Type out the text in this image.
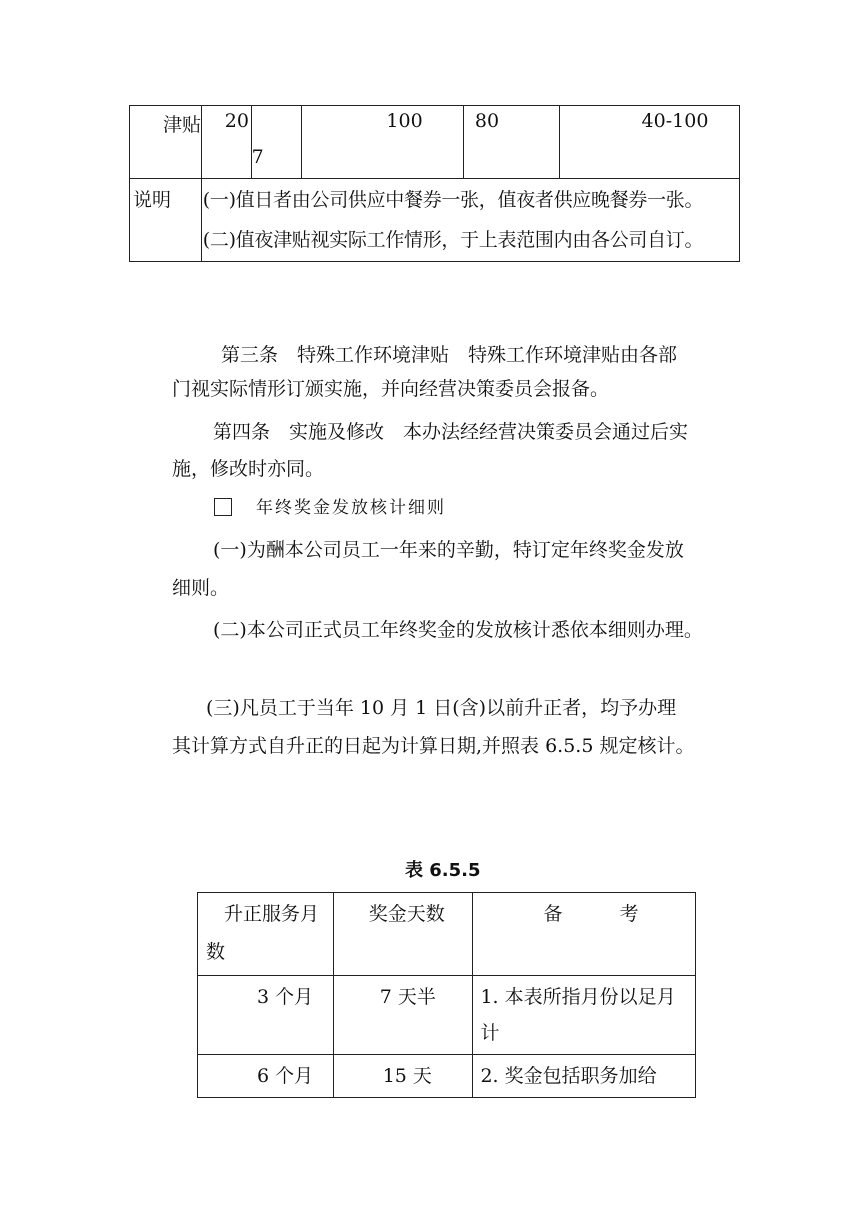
津贴	20	7	100	80	40-100

说明	(一)值日者由公司供应中餐券一张，值夜者供应晚餐券一张。
(二)值夜津贴视实际工作情形，于上表范围内由各公司自订。				
第三条　特殊工作环境津贴　特殊工作环境津贴由各部
门视实际情形订颁实施，并向经营决策委员会报备。
第四条　实施及修改　本办法经经营决策委员会通过后实
施，修改时亦同。
年终奖金发放核计细则
(一)为酬本公司员工一年来的辛勤，特订定年终奖金发放
细则。
(二)本公司正式员工年终奖金的发放核计悉依本细则办理。
(三)凡员工于当年 10 月 1 日(含)以前升正者，均予办理
其计算方式自升正的日起为计算日期,并照表 6.5.5 规定核计。
表 6.5.5
升正服务月
数	奖金天数	备　　　考

3 个月	7 天半	1. 本表所指月份以足月
计

6 个月	15 天	2. 奖金包括职务加给
